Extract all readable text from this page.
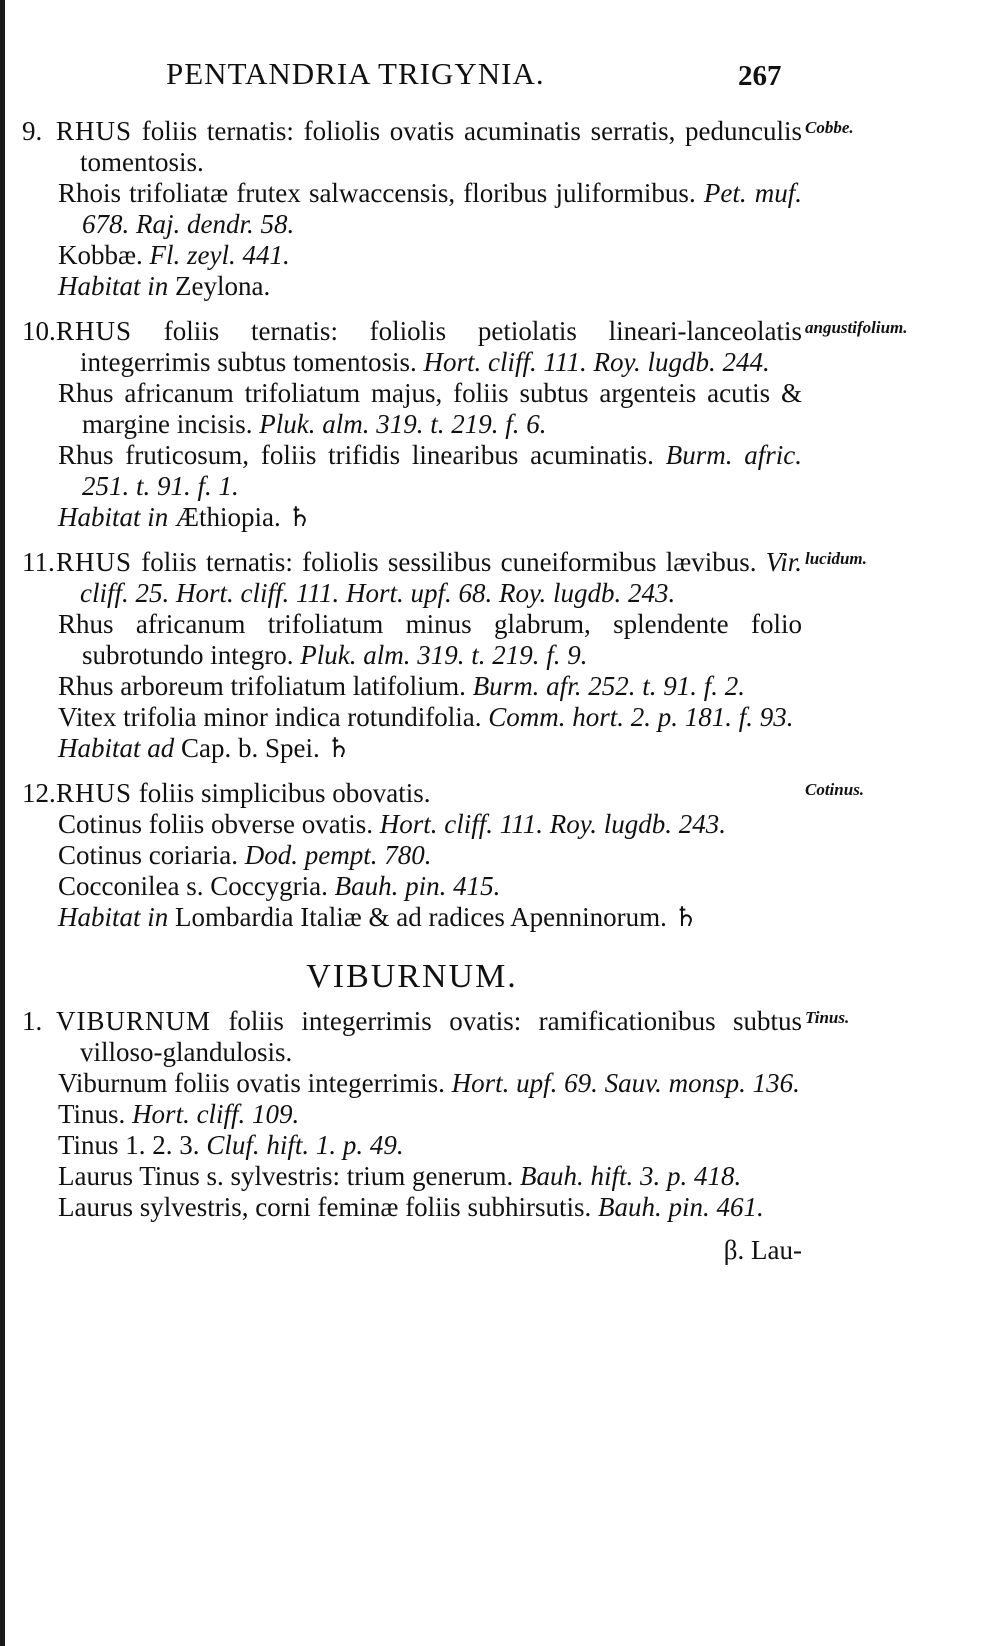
PENTANDRIA TRIGYNIA.	267
9. RHUS foliis ternatis: foliolis ovatis acuminatis serratis, pedunculis tomentosis.
Rhois trifoliatæ frutex salwaccensis, floribus juliformibus. Pet. muf. 678. Raj. dendr. 58.
Kobbæ. Fl. zeyl. 441.
Habitat in Zeylona.
Cobbe.
10.RHUS foliis ternatis: foliolis petiolatis lineari-lanceolatis integerrimis subtus tomentosis. Hort. cliff. 111. Roy. lugdb. 244.
Rhus africanum trifoliatum majus, foliis subtus argenteis acutis & margine incisis. Pluk. alm. 319. t. 219. f. 6.
Rhus fruticosum, foliis trifidis linearibus acuminatis. Burm. afric. 251. t. 91. f. 1.
Habitat in Æthiopia. ♄
angustifolium.
11.RHUS foliis ternatis: foliolis sessilibus cuneiformibus lævibus. Vir. cliff. 25. Hort. cliff. 111. Hort. upf. 68. Roy. lugdb. 243.
Rhus africanum trifoliatum minus glabrum, splendente folio subrotundo integro. Pluk. alm. 319. t. 219. f. 9.
Rhus arboreum trifoliatum latifolium. Burm. afr. 252. t. 91. f. 2.
Vitex trifolia minor indica rotundifolia. Comm. hort. 2. p. 181. f. 93.
Habitat ad Cap. b. Spei. ♄
lucidum.
12.RHUS foliis simplicibus obovatis.
Cotinus foliis obverse ovatis. Hort. cliff. 111. Roy. lugdb. 243.
Cotinus coriaria. Dod. pempt. 780.
Cocconilea s. Coccygria. Bauh. pin. 415.
Habitat in Lombardia Italiæ & ad radices Apenninorum. ♄
Cotinus.
VIBURNUM.
1. VIBURNUM foliis integerrimis ovatis: ramificationibus subtus villoso-glandulosis.
Viburnum foliis ovatis integerrimis. Hort. upf. 69. Sauv. monsp. 136.
Tinus. Hort. cliff. 109.
Tinus 1. 2. 3. Cluf. hift. 1. p. 49.
Laurus Tinus s. sylvestris: trium generum. Bauh. hift. 3. p. 418.
Laurus sylvestris, corni feminæ foliis subhirsutis. Bauh. pin. 461.
Tinus.
β. Lau-
